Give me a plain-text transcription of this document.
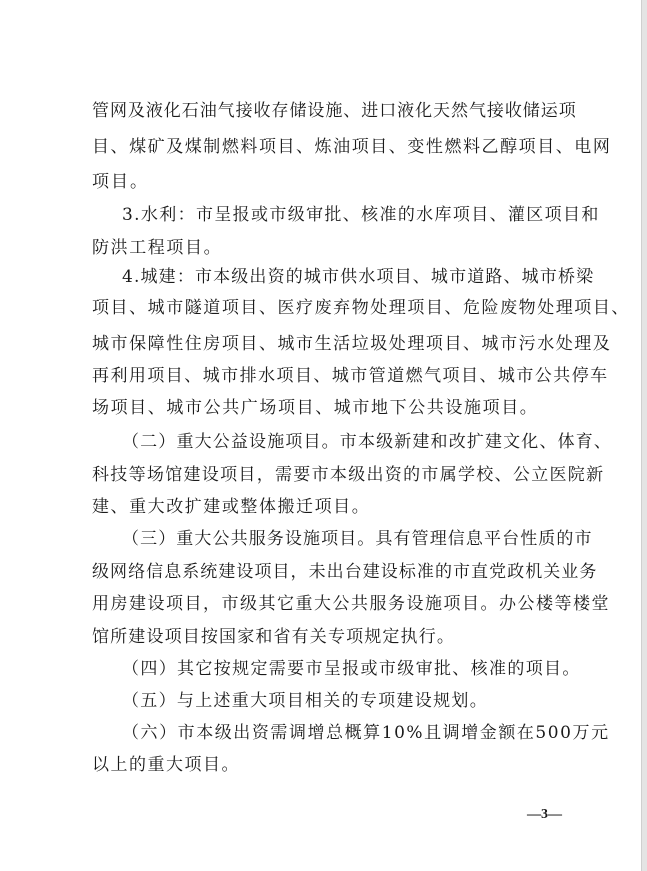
管网及液化石油气接收存储设施、进口液化天然气接收储运项
目、煤矿及煤制燃料项目、炼油项目、变性燃料乙醇项目、电网
项目。
3.水利：市呈报或市级审批、核准的水库项目、灌区项目和
防洪工程项目。
4.城建：市本级出资的城市供水项目、城市道路、城市桥梁
项目、城市隧道项目、医疗废弃物处理项目、危险废物处理项目、
城市保障性住房项目、城市生活垃圾处理项目、城市污水处理及
再利用项目、城市排水项目、城市管道燃气项目、城市公共停车
场项目、城市公共广场项目、城市地下公共设施项目。
（二）重大公益设施项目。市本级新建和改扩建文化、体育、
科技等场馆建设项目，需要市本级出资的市属学校、公立医院新
建、重大改扩建或整体搬迁项目。
（三）重大公共服务设施项目。具有管理信息平台性质的市
级网络信息系统建设项目，未出台建设标准的市直党政机关业务
用房建设项目，市级其它重大公共服务设施项目。办公楼等楼堂
馆所建设项目按国家和省有关专项规定执行。
（四）其它按规定需要市呈报或市级审批、核准的项目。
（五）与上述重大项目相关的专项建设规划。
（六）市本级出资需调增总概算10%且调增金额在500万元
以上的重大项目。
—3—
